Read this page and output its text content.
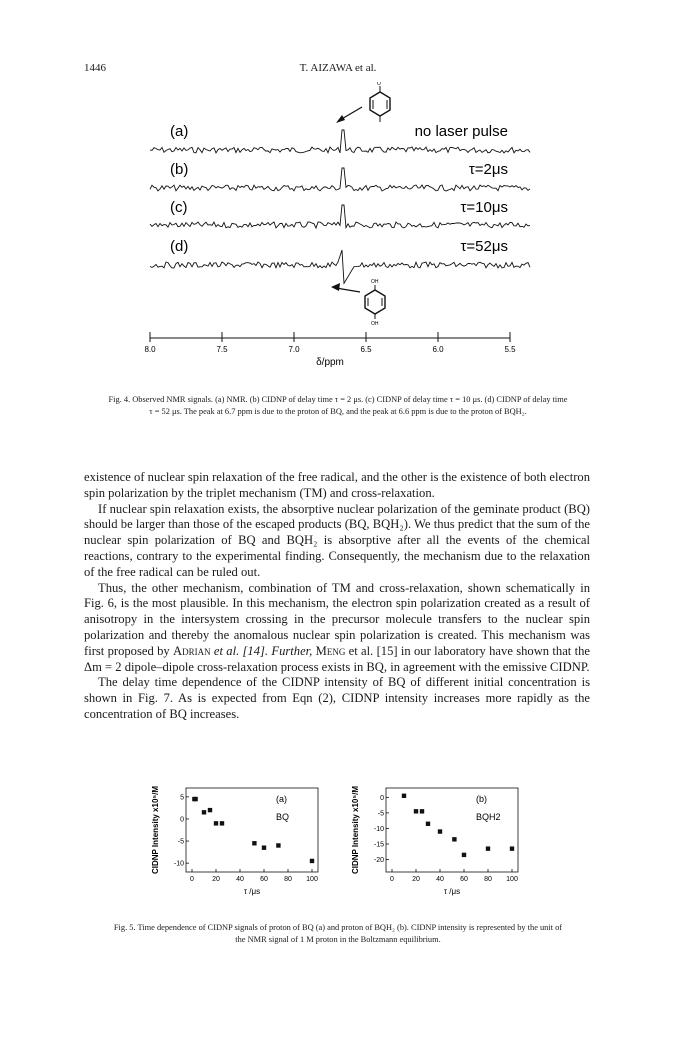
1446	T. AIZAWA et al.
(a)	no laser pulse
(b)	τ=2μs
(c)	τ=10μs
(d)	τ=52μs
O
OH
OH
8.0	7.5	7.0	6.5	6.0	5.5
δ/ppm
Fig. 4. Observed NMR signals. (a) NMR. (b) CIDNP of delay time τ = 2 μs. (c) CIDNP of delay time τ = 10 μs. (d) CIDNP of delay time τ = 52 μs. The peak at 6.7 ppm is due to the proton of BQ, and the peak at 6.6 ppm is due to the proton of BQH₂.

existence of nuclear spin relaxation of the free radical, and the other is the existence of both electron spin polarization by the triplet mechanism (TM) and cross-relaxation.

If nuclear spin relaxation exists, the absorptive nuclear polarization of the geminate product (BQ) should be larger than those of the escaped products (BQ, BQH₂). We thus predict that the sum of the nuclear spin polarization of BQ and BQH₂ is absorptive after all the events of the chemical reactions, contrary to the experimental finding. Consequently, the mechanism due to the relaxation of the free radical can be ruled out.

Thus, the other mechanism, combination of TM and cross-relaxation, shown schematically in Fig. 6, is the most plausible. In this mechanism, the electron spin polarization created as a result of anisotropy in the intersystem crossing in the precursor molecule transfers to the nuclear spin polarization and thereby the anomalous nuclear spin polarization is created. This mechanism was first proposed by Adrian et al. [14]. Further, Meng et al. [15] in our laboratory have shown that the Δm = 2 dipole–dipole cross-relaxation process exists in BQ, in agreement with the emissive CIDNP.

The delay time dependence of the CIDNP intensity of BQ of different initial concentration is shown in Fig. 7. As is expected from Eqn (2), CIDNP intensity increases more rapidly as the concentration of BQ increases.

0	20 40 60 80 100
5
0
-5
-10
(a)
BQ
τ /μs
CIDNP Intensity x10⁵/M
0	20 40 60 80 100
0
-5
-10
-15
-20
(b)
BQH2
τ /μs
CIDNP Intensity x10⁵/M
Fig. 5. Time dependence of CIDNP signals of proton of BQ (a) and proton of BQH₂ (b). CIDNP intensity is represented by the unit of the NMR signal of 1 M proton in the Boltzmann equilibrium.
